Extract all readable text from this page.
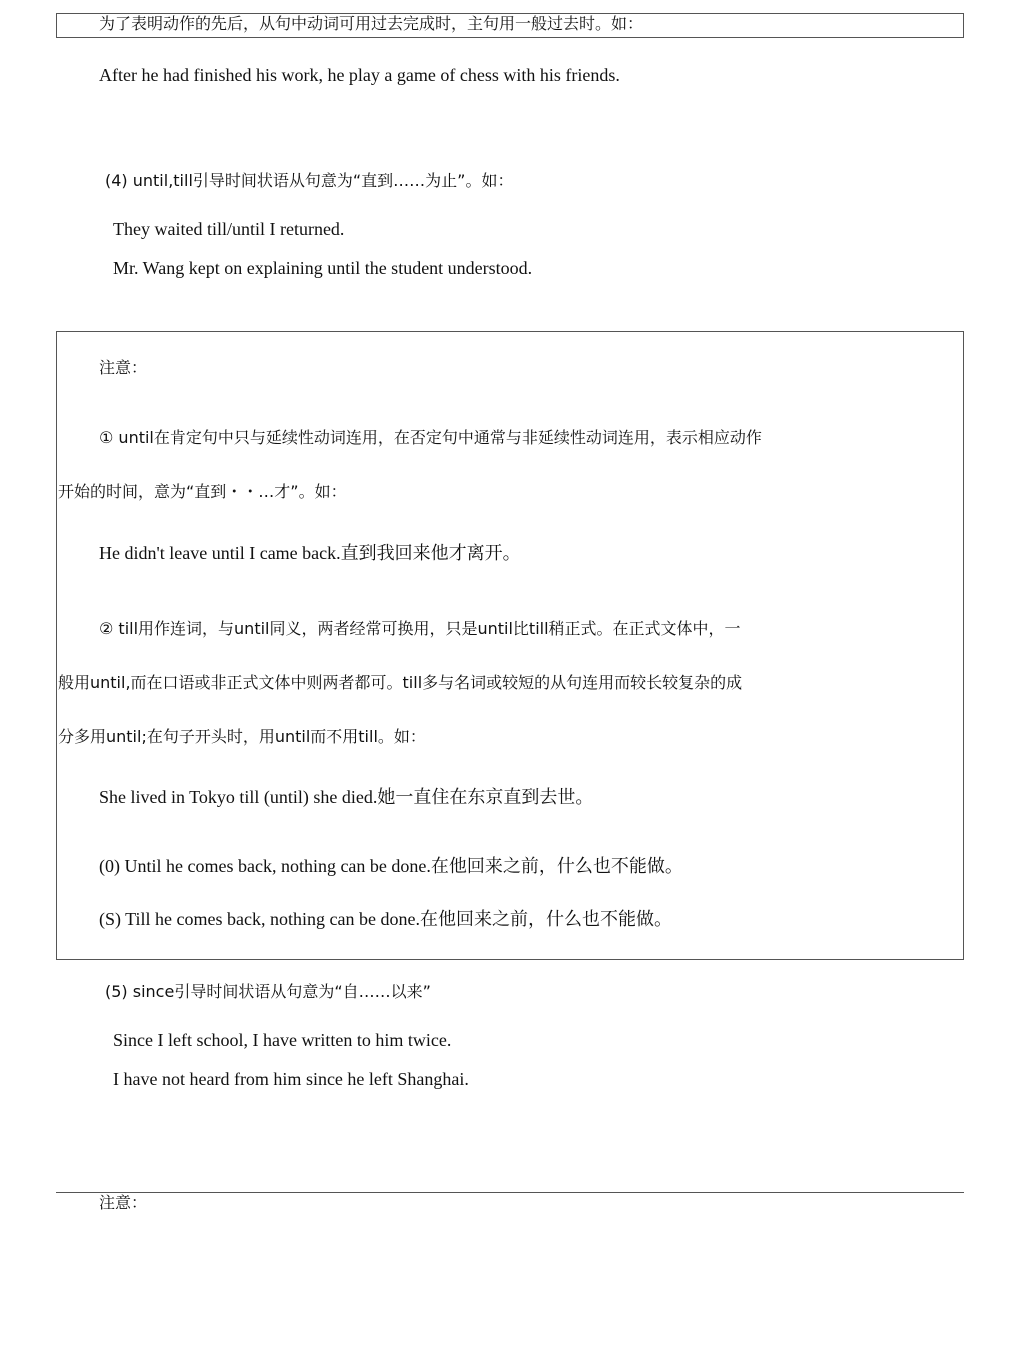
为了表明动作的先后，从句中动词可用过去完成时，主句用一般过去时。如：
After he had finished his work, he play a game of chess with his friends.
(4) until,till引导时间状语从句意为“直到……为止”。如：
They waited till/until I returned.
Mr. Wang kept on explaining until the student understood.
注意：
① until在肯定句中只与延续性动词连用，在否定句中通常与非延续性动词连用，表示相应动作
开始的时间，意为“直到・・…才”。如：
He didn't leave until I came back.直到我回来他才离开。
② till用作连词，与until同义，两者经常可换用，只是until比till稍正式。在正式文体中，一
般用until,而在口语或非正式文体中则两者都可。till多与名词或较短的从句连用而较长较复杂的成
分多用until;在句子开头时，用until而不用till。如：
She lived in Tokyo till (until) she died.她一直住在东京直到去世。
(0) Until he comes back, nothing can be done.在他回来之前，什么也不能做。
(S) Till he comes back, nothing can be done.在他回来之前，什么也不能做。
(5) since引导时间状语从句意为“自……以来”
Since I left school, I have written to him twice.
I have not heard from him since he left Shanghai.
注意：
